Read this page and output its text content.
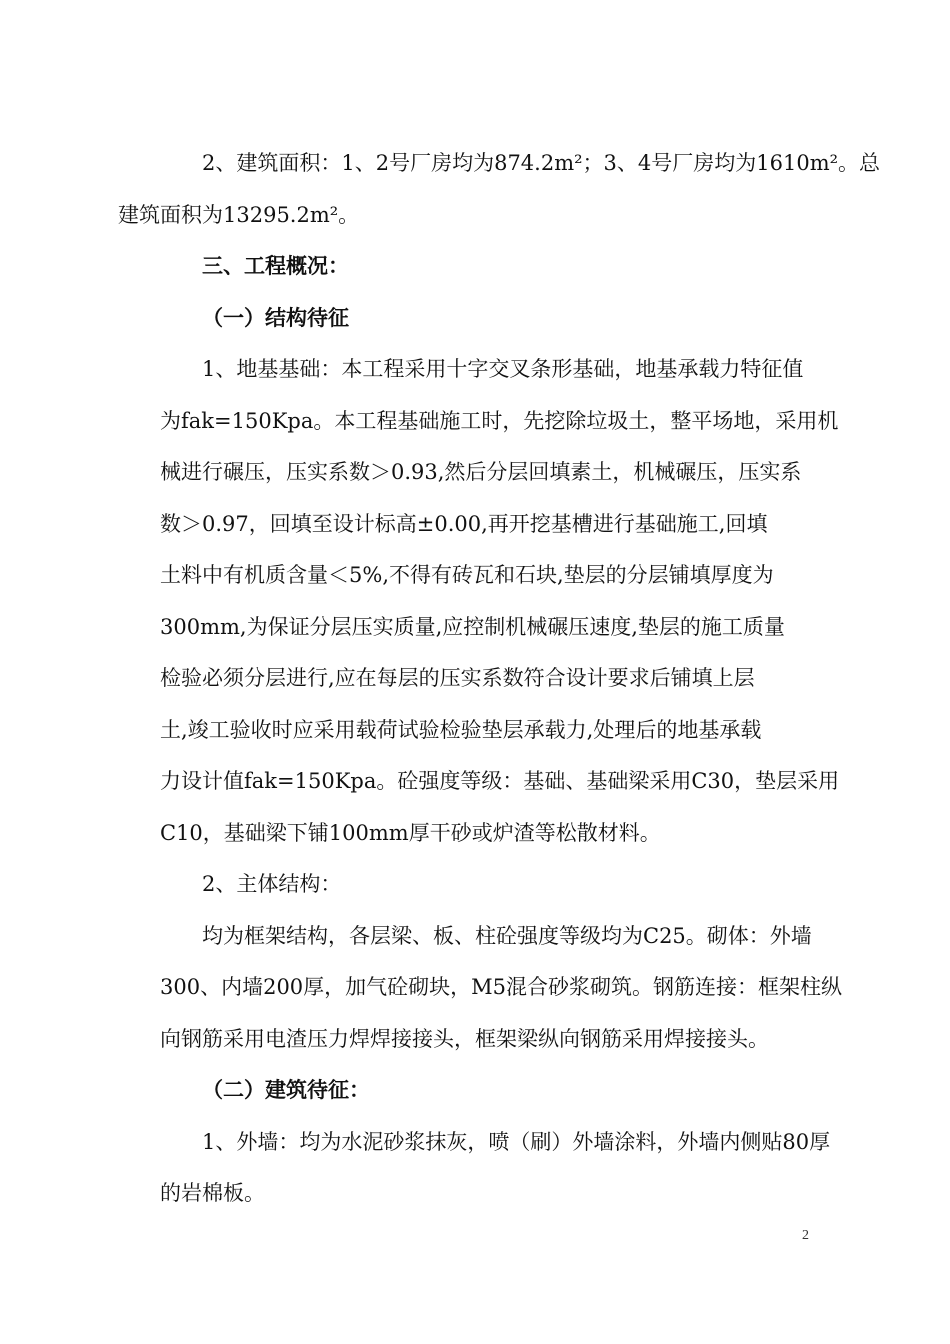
2、建筑面积：1、2号厂房均为874.2m²；3、4号厂房均为1610m²。总
建筑面积为13295.2m²。

三、工程概况：

（一）结构待征

1、地基基础：本工程采用十字交叉条形基础，地基承载力特征值
为fak=150Kpa。本工程基础施工时，先挖除垃圾土，整平场地，采用机
械进行碾压，压实系数＞0.93,然后分层回填素土，机械碾压，压实系
数＞0.97，回填至设计标高±0.00,再开挖基槽进行基础施工,回填
土料中有机质含量＜5%,不得有砖瓦和石块,垫层的分层铺填厚度为
300mm,为保证分层压实质量,应控制机械碾压速度,垫层的施工质量
检验必须分层进行,应在每层的压实系数符合设计要求后铺填上层
土,竣工验收时应采用载荷试验检验垫层承载力,处理后的地基承载
力设计值fak=150Kpa。砼强度等级：基础、基础梁采用C30，垫层采用
C10，基础梁下铺100mm厚干砂或炉渣等松散材料。

2、主体结构：

均为框架结构，各层梁、板、柱砼强度等级均为C25。砌体：外墙
300、内墙200厚，加气砼砌块，M5混合砂浆砌筑。钢筋连接：框架柱纵
向钢筋采用电渣压力焊焊接接头，框架梁纵向钢筋采用焊接接头。

（二）建筑待征：

1、外墙：均为水泥砂浆抹灰，喷（刷）外墙涂料，外墙内侧贴80厚
的岩棉板。

2
